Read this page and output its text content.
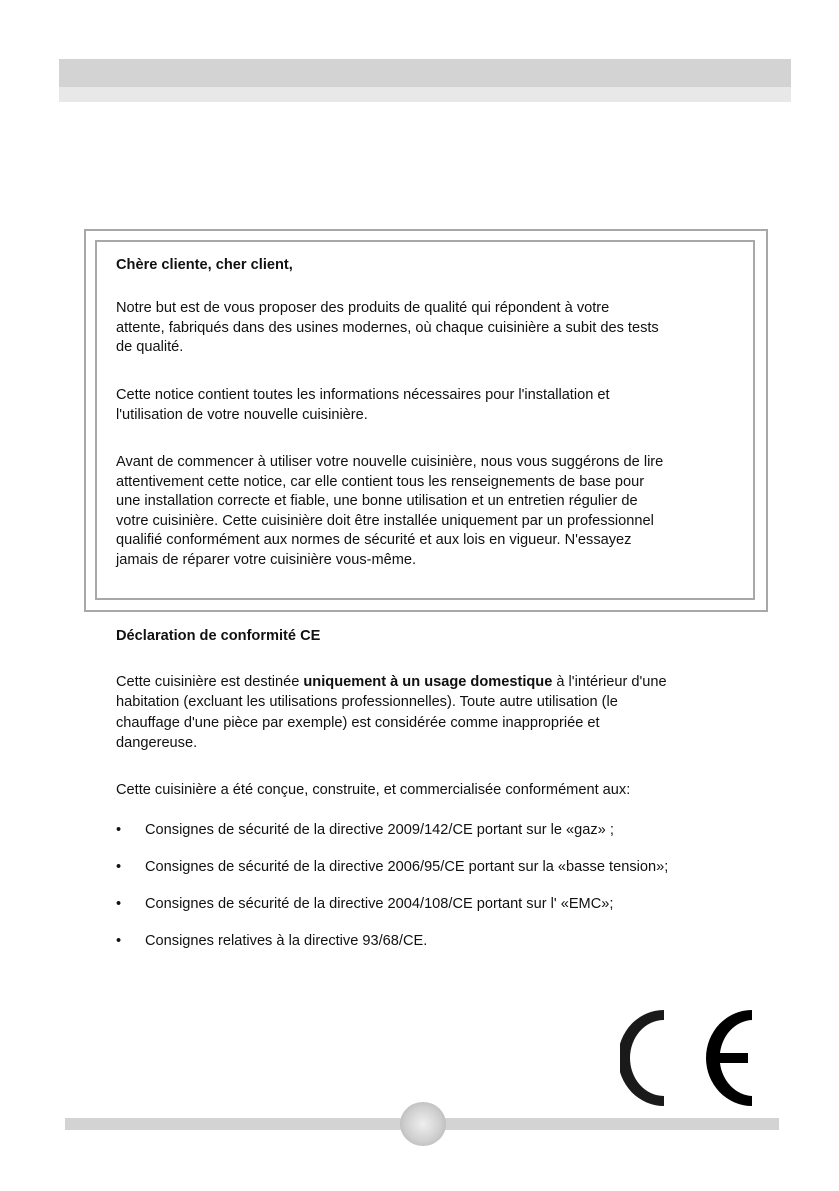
Chère cliente, cher client,
Notre but est de vous proposer des produits de qualité qui répondent à votre
attente, fabriqués dans des usines modernes, où chaque cuisinière a subit des tests
de qualité.
Cette notice contient toutes les informations nécessaires pour l'installation et
l'utilisation de votre nouvelle cuisinière.
Avant de commencer à utiliser votre nouvelle cuisinière, nous vous suggérons de lire
attentivement cette notice, car elle contient tous les renseignements de base pour
une installation correcte et fiable, une bonne utilisation et un entretien régulier de
votre cuisinière. Cette cuisinière doit être installée uniquement par un professionnel
qualifié conformément aux normes de sécurité et aux lois en vigueur. N'essayez
jamais de réparer votre cuisinière vous-même.
Déclaration de conformité CE
Cette cuisinière est destinée uniquement à un usage domestique à l'intérieur d'une
habitation (excluant les utilisations professionnelles). Toute autre utilisation (le
chauffage d'une pièce par exemple) est considérée comme inappropriée et
dangereuse.
Cette cuisinière a été conçue, construite, et commercialisée conformément aux:
• Consignes de sécurité de la directive 2009/142/CE portant sur le «gaz» ;
• Consignes de sécurité de la directive 2006/95/CE portant sur la «basse tension»;
• Consignes de sécurité de la directive 2004/108/CE portant sur l' «EMC»;
• Consignes relatives à la directive 93/68/CE.
